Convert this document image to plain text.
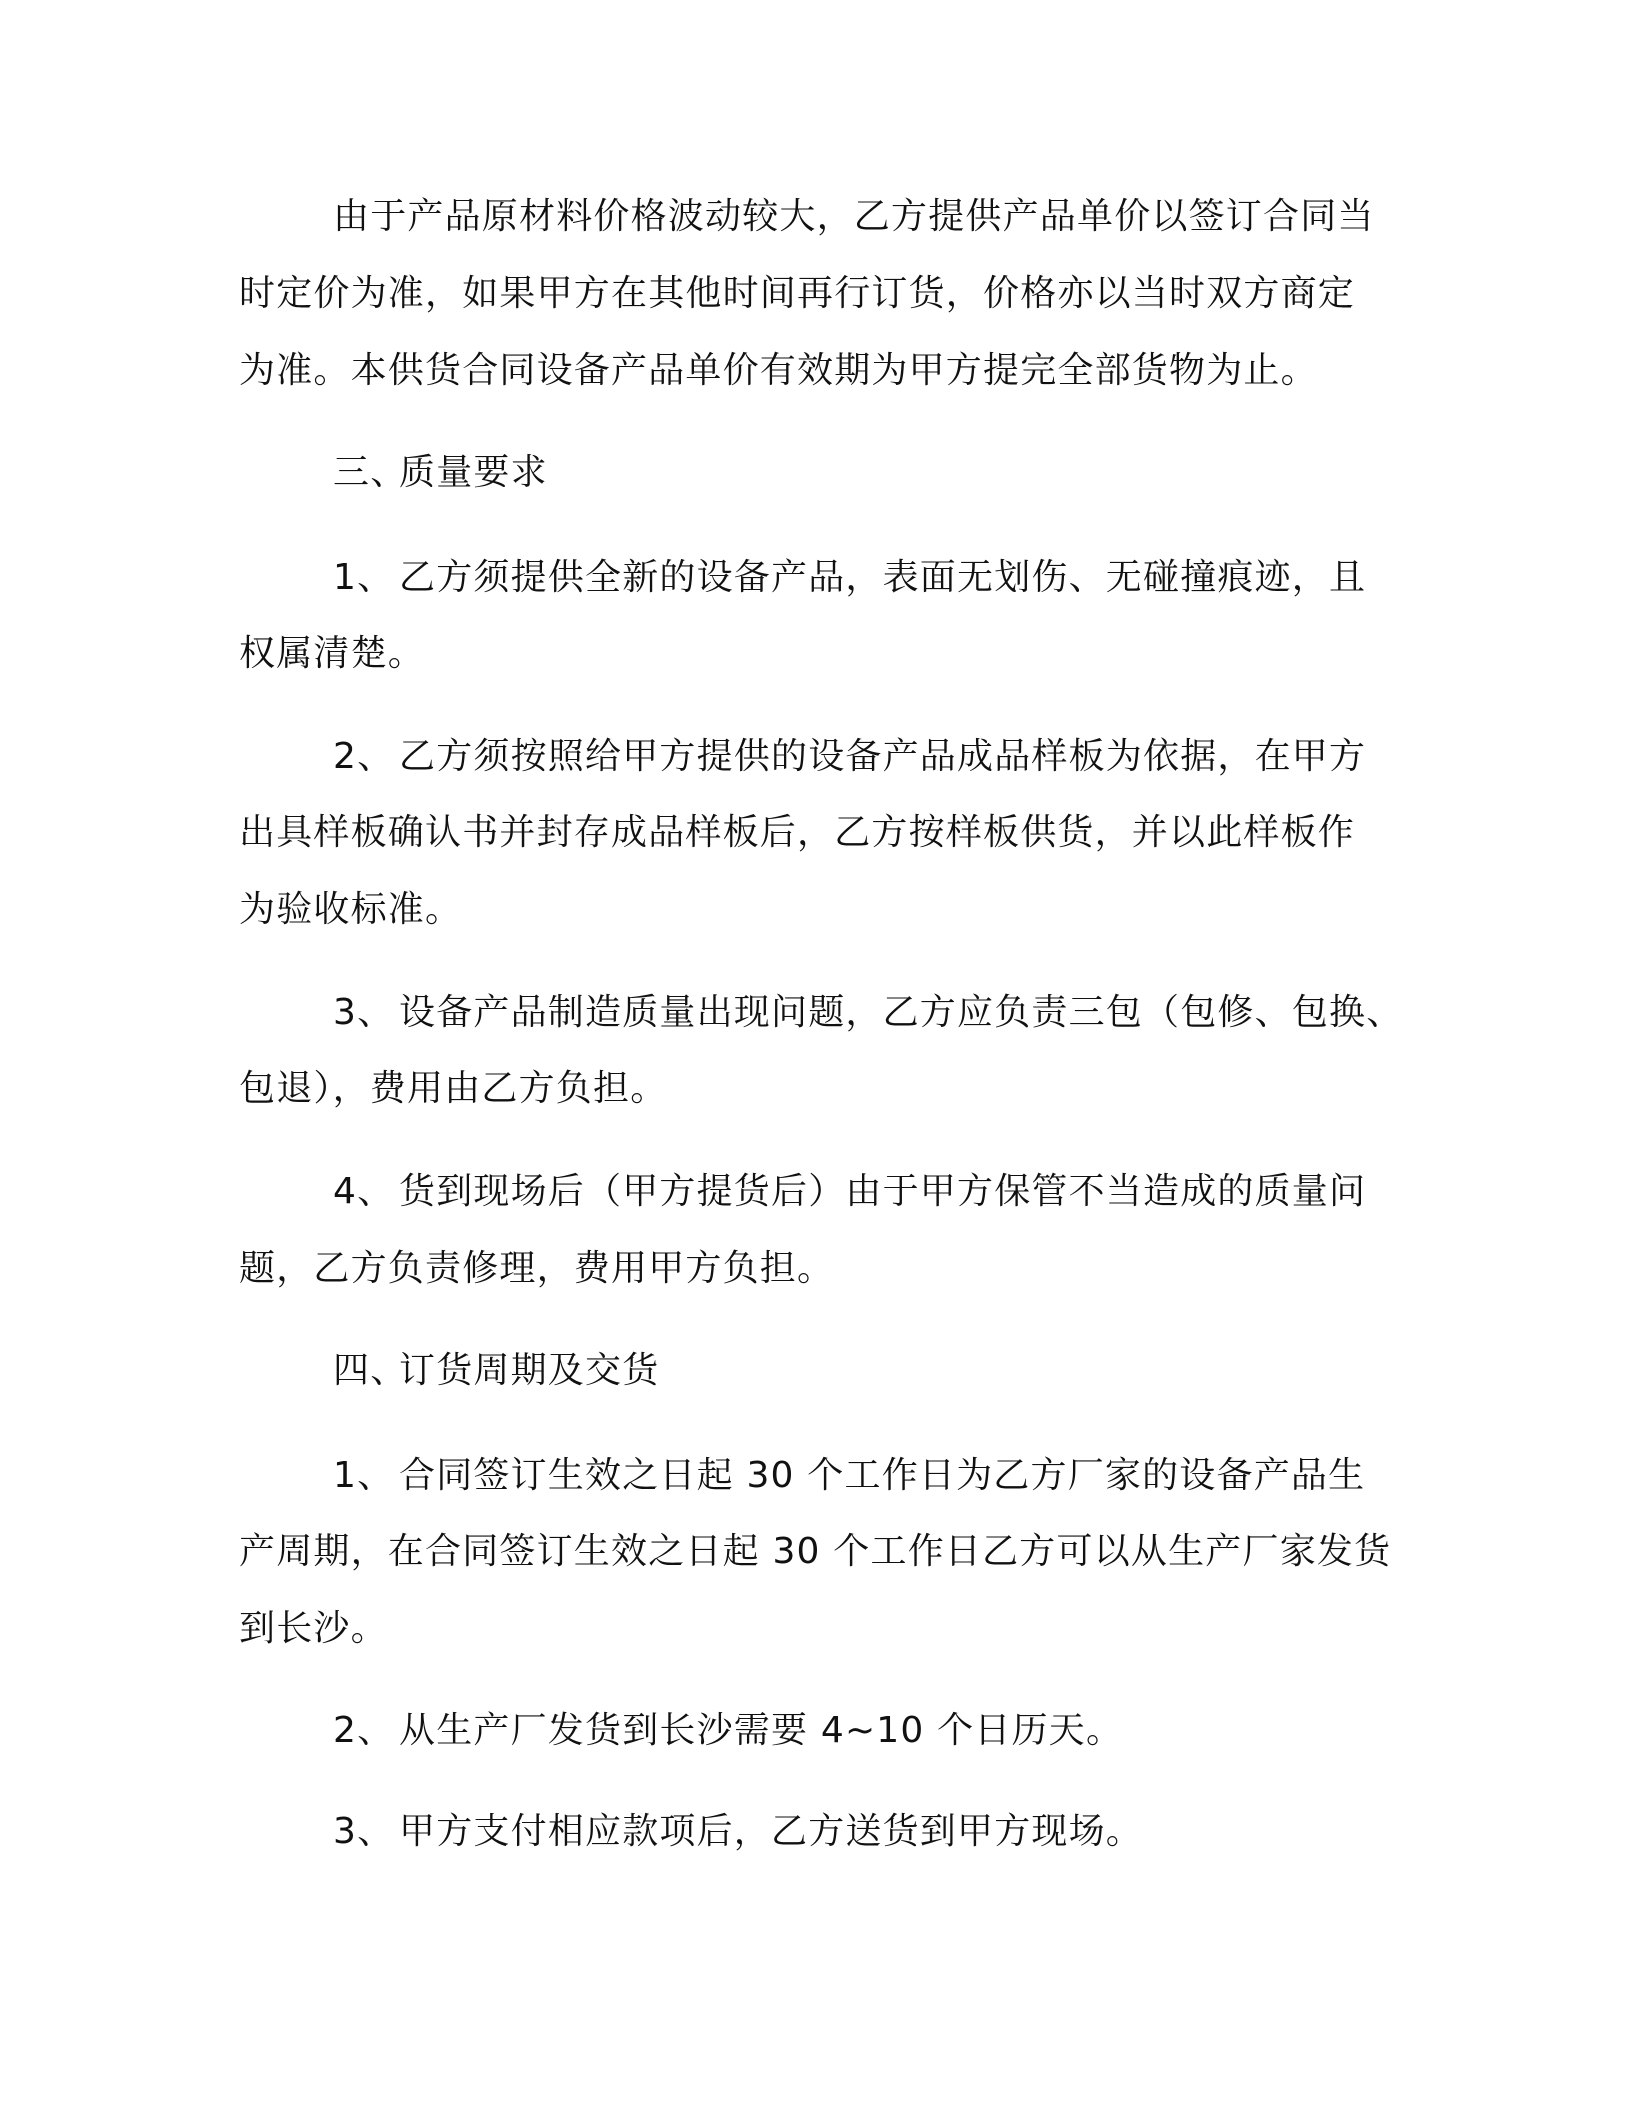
由于产品原材料价格波动较大，乙方提供产品单价以签订合同当

时定价为准，如果甲方在其他时间再行订货，价格亦以当时双方商定

为准。本供货合同设备产品单价有效期为甲方提完全部货物为止。

三、质量要求

1、 乙方须提供全新的设备产品，表面无划伤、无碰撞痕迹，且

权属清楚。

2、 乙方须按照给甲方提供的设备产品成品样板为依据，在甲方

出具样板确认书并封存成品样板后，乙方按样板供货，并以此样板作

为验收标准。

3、 设备产品制造质量出现问题，乙方应负责三包（包修、包换、

包退），费用由乙方负担。

4、 货到现场后（甲方提货后）由于甲方保管不当造成的质量问

题，乙方负责修理，费用甲方负担。

四、订货周期及交货

1、 合同签订生效之日起 30 个工作日为乙方厂家的设备产品生

产周期，在合同签订生效之日起 30 个工作日乙方可以从生产厂家发货

到长沙。

2、 从生产厂发货到长沙需要 4~10 个日历天。

3、 甲方支付相应款项后，乙方送货到甲方现场。
